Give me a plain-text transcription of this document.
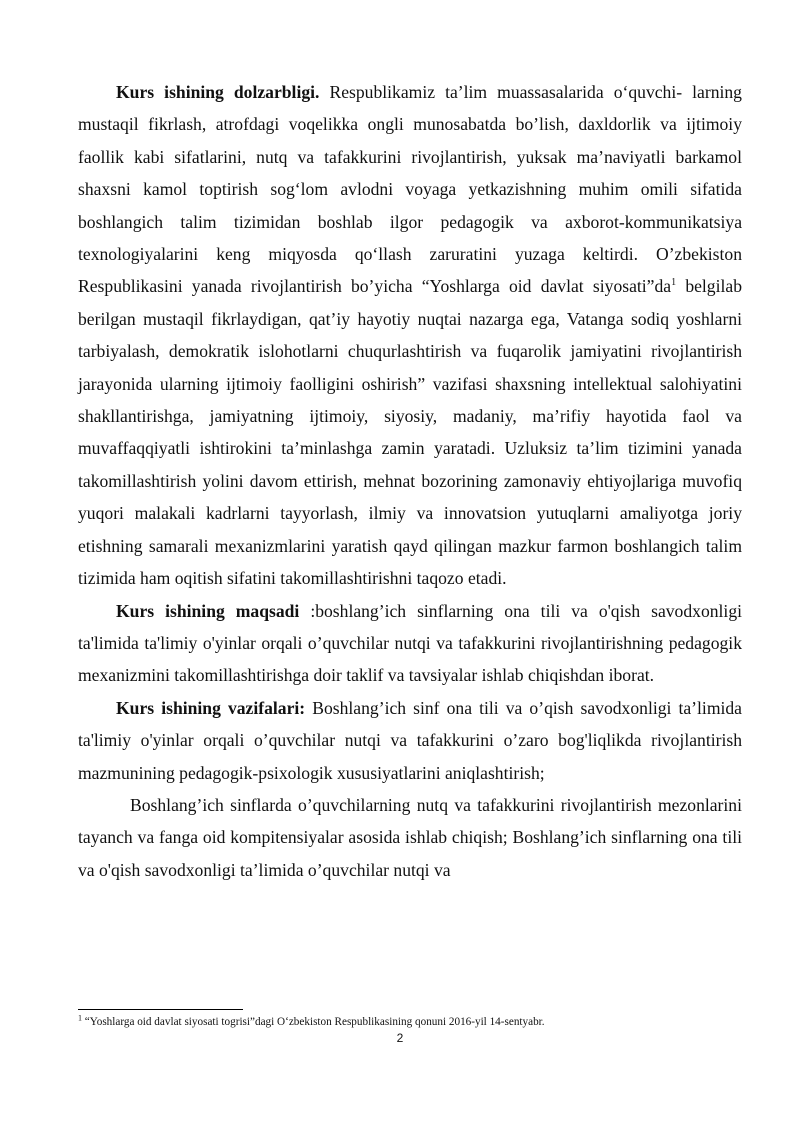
Kurs ishining dolzarbligi. Respublikamiz ta’lim muassasalarida o‘quvchi- larning mustaqil fikrlash, atrofdagi voqelikka ongli munosabatda bo’lish, daxldorlik va ijtimoiy faollik kabi sifatlarini, nutq va tafakkurini rivojlantirish, yuksak ma’naviyatli barkamol shaxsni kamol toptirish sog‘lom avlodni voyaga yetkazishning muhim omili sifatida boshlangich talim tizimidan boshlab ilgor pedagogik va axborot-kommunikatsiya texnologiyalarini keng miqyosda qo‘llash zaruratini yuzaga keltirdi. O’zbekiston Respublikasini yanada rivojlantirish bo’yicha “Yoshlarga oid davlat $siyosati”da^1$ belgilab berilgan mustaqil fikrlaydigan, qat’iy hayotiy nuqtai nazarga ega, Vatanga sodiq yoshlarni tarbiyalash, demokratik islohotlarni chuqurlashtirish va fuqarolik jamiyatini rivojlantirish jarayonida ularning ijtimoiy faolligini oshirish” vazifasi shaxsning intellektual salohiyatini shakllantirishga, jamiyatning ijtimoiy, siyosiy, madaniy, ma’rifiy hayotida faol va muvaffaqqiyatli ishtirokini ta’minlashga zamin yaratadi. Uzluksiz ta’lim tizimini yanada takomillashtirish yolini davom ettirish, mehnat bozorining zamonaviy ehtiyojlariga muvofiq yuqori malakali kadrlarni tayyorlash, ilmiy va innovatsion yutuqlarni amaliyotga joriy etishning samarali mexanizmlarini yaratish qayd qilingan mazkur farmon boshlangich talim tizimida ham oqitish sifatini takomillashtirishni taqozo etadi.

Kurs ishining maqsadi :boshlang’ich sinflarning ona tili va o'qish savodxonligi ta'limida ta'limiy o'yinlar orqali o’quvchilar nutqi va tafakkurini rivojlantirishning pedagogik mexanizmini takomillashtirishga doir taklif va tavsiyalar ishlab chiqishdan iborat.

Kurs ishining vazifalari: Boshlang’ich sinf ona tili va o’qish savodxonligi ta’limida ta'limiy o'yinlar orqali o’quvchilar nutqi va tafakkurini o’zaro bog'liqlikda rivojlantirish mazmunining pedagogik-psixologik xususiyatlarini aniqlashtirish;

Boshlang’ich sinflarda o’quvchilarning nutq va tafakkurini rivojlantirish mezonlarini tayanch va fanga oid kompitensiyalar asosida ishlab chiqish; Boshlang’ich sinflarning ona tili va o'qish savodxonligi ta’limida o’quvchilar nutqi va

$^1$ “Yoshlarga oid davlat siyosati togrisi”dagi O‘zbekiston Respublikasining qonuni 2016-yil 14-sentyabr.
2
